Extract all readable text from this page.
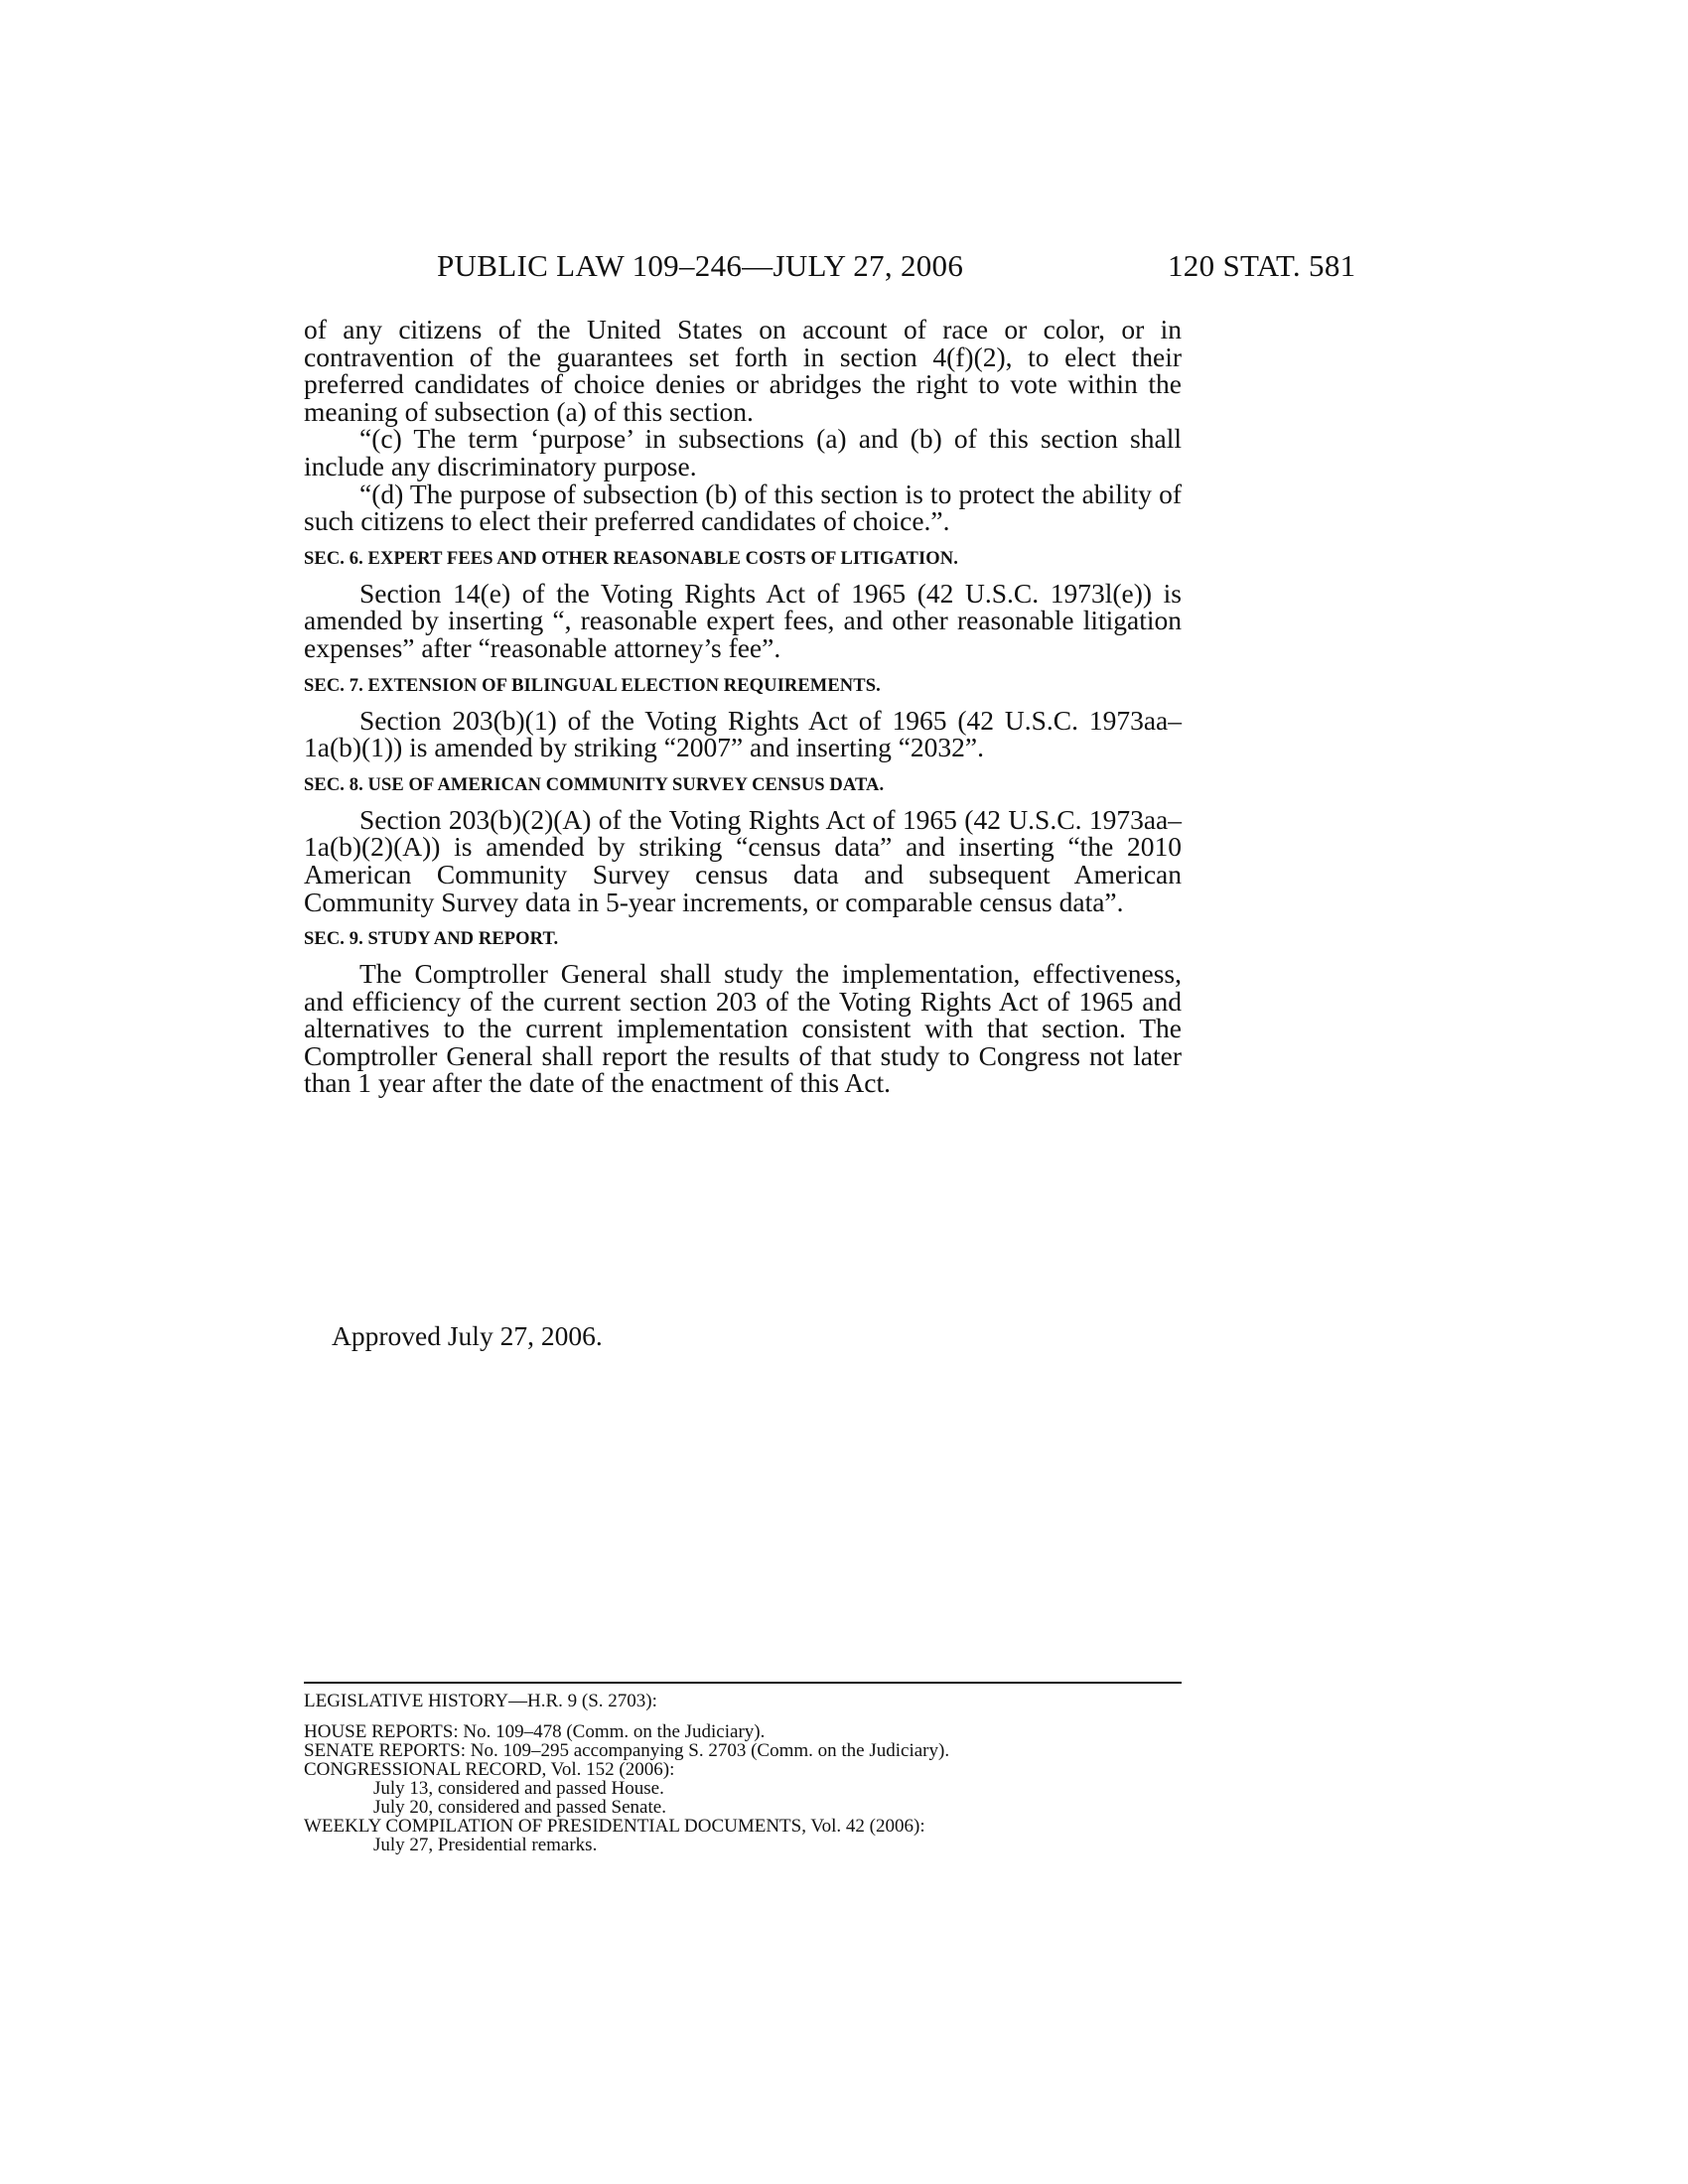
PUBLIC LAW 109–246—JULY 27, 2006	120 STAT. 581

of any citizens of the United States on account of race or color, or in contravention of the guarantees set forth in section 4(f)(2), to elect their preferred candidates of choice denies or abridges the right to vote within the meaning of subsection (a) of this section.

“(c) The term ‘purpose’ in subsections (a) and (b) of this section shall include any discriminatory purpose.

“(d) The purpose of subsection (b) of this section is to protect the ability of such citizens to elect their preferred candidates of choice.”.

SEC. 6. EXPERT FEES AND OTHER REASONABLE COSTS OF LITIGATION.

Section 14(e) of the Voting Rights Act of 1965 (42 U.S.C. 1973l(e)) is amended by inserting “, reasonable expert fees, and other reasonable litigation expenses” after “reasonable attorney’s fee”.

SEC. 7. EXTENSION OF BILINGUAL ELECTION REQUIREMENTS.

Section 203(b)(1) of the Voting Rights Act of 1965 (42 U.S.C. 1973aa–1a(b)(1)) is amended by striking “2007” and inserting “2032”.

SEC. 8. USE OF AMERICAN COMMUNITY SURVEY CENSUS DATA.

Section 203(b)(2)(A) of the Voting Rights Act of 1965 (42 U.S.C. 1973aa–1a(b)(2)(A)) is amended by striking “census data” and inserting “the 2010 American Community Survey census data and subsequent American Community Survey data in 5-year increments, or comparable census data”.

SEC. 9. STUDY AND REPORT.

The Comptroller General shall study the implementation, effectiveness, and efficiency of the current section 203 of the Voting Rights Act of 1965 and alternatives to the current implementation consistent with that section. The Comptroller General shall report the results of that study to Congress not later than 1 year after the date of the enactment of this Act.

Approved July 27, 2006.
LEGISLATIVE HISTORY—H.R. 9 (S. 2703):

HOUSE REPORTS: No. 109–478 (Comm. on the Judiciary).

SENATE REPORTS: No. 109–295 accompanying S. 2703 (Comm. on the Judiciary).

CONGRESSIONAL RECORD, Vol. 152 (2006):

July 13, considered and passed House.

July 20, considered and passed Senate.

WEEKLY COMPILATION OF PRESIDENTIAL DOCUMENTS, Vol. 42 (2006):

July 27, Presidential remarks.
